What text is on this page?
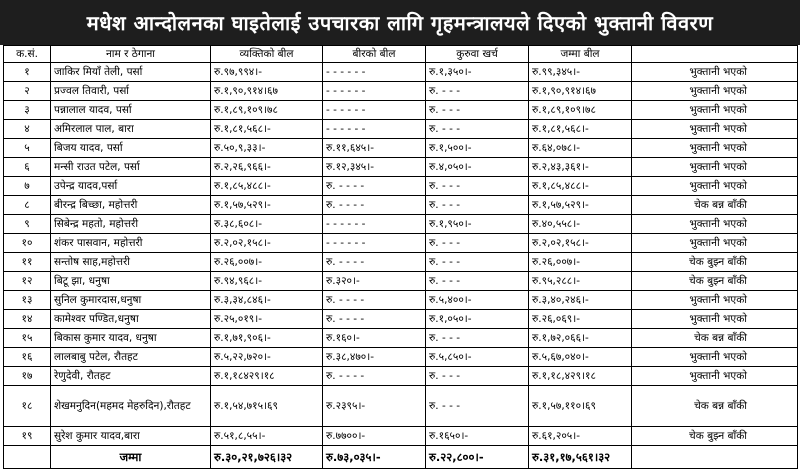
मधेश आन्दोलनका घाइतेलाई उपचारका लागि गृहमन्त्रालयले दिएको भुक्तानी विवरण
क.सं.	नाम र ठेगाना	व्यक्तिको बील	बीरको बील	कुरुवा खर्च	जम्मा बील	
१	जाकिर मियाँ तेली, पर्सा	रु.९७,९९४।-	- - - - - -	रु.१,३५०।-	रु.९९,३४५।-	भुक्तानी भएको
२	प्रज्वल तिवारी, पर्सा	रु.१,९०,९१४।६७	- - - - - -	रु. - - -	रु.१,९०,९१४।६७	भुक्तानी भएको
३	पन्नालाल यादव, पर्सा	रु.१,८९,१०९।७८	- - - - - -	रु. - - -	रु.१,८९,१०९।७८	भुक्तानी भएको
४	अमिरलाल पाल, बारा	रु.१,८१,५६८।-	- - - - - -	रु. - - -	रु.१,८१,५६८।-	भुक्तानी भएको
५	बिजय यादव, पर्सा	रु.५०,९,३३।-	रु.११,६४५।-	रु.१,५००।-	रु.६४,०७८।-	भुक्तानी भएको
६	मन्सी राउत पटेल, पर्सा	रु.२,२६,९६६।-	रु.१२,३४५।-	रु.४,०५०।-	रु.२,४३,३६१।-	भुक्तानी भएको
७	उपेन्द्र यादव,पर्सा	रु.१,८५,४८८।-	रु. - - - -	रु. - - -	रु.१,८५,४८८।-	भुक्तानी भएको
८	बीरन्द्र बिच्छा, महोत्तरी	रु.१,५७,५२९।-	रु. - - - -	रु. - - -	रु.१,५७,५२९।-	चेक बन्न बाँकी
९	सिबेन्द्र महतो, महोत्तरी	रु.३८,६०८।-	- - - - - -	रु.१,९५०।-	रु.४०,५५८।-	भुक्तानी भएको
१०	शंकर पासवान, महोत्तरी	रु.२,०२,१५८।-	- - - - - -	रु. - - -	रु.२,०२,१५८।-	भुक्तानी भएको
११	सन्तोष साह,महोत्तरी	रु.२६,००७।-	रु. - - - -	रु. - - -	रु.२६,००७।-	चेक बुझ्न बाँकी
१२	बिटू झा, धनुषा	रु.९४,९६८।-	रु.३२०।-	रु. - - -	रु.९५,२८८।-	चेक बुझ्न बाँकी
१३	सुनिल कुमारदास,धनुषा	रु.३,३४,८४६।-	रु. - - - -	रु.५,४००।-	रु.३,४०,२४६।-	भुक्तानी भएको
१४	कामेश्वर पण्डित,धनुषा	रु.२५,०१९।-	रु. - - - -	रु.१,०५०।-	रु.२६,०६९।-	भुक्तानी भएको
१५	बिकास कुमार यादव, धनुषा	रु.१,७१,९०६।-	रु.१६०।-	रु. - - -	रु.१,७२,०६६।-	चेक बन्न बाँकी
१६	लालबाबु पटेल, रौतहट	रु.५,२२,७२०।-	रु.३८,४७०।-	रु.५,८५०।-	रु.५,६७,०४०।-	भुक्तानी भएको
१७	रेणुदेवी, रौतहट	रु.१,१८४२९।१८	रु. - - - -	रु. - - -	रु.१,१८,४२९।१८	भुक्तानी भएको
१८	शेखमनुदिन(महमद मेहरुदिन),रौतहट	रु.१,५४,७१५।६९	रु.२३९५।-	रु. - - -	रु.१,५७,११०।६९	चेक बन्न बाँकी
१९	सुरेश कुमार यादव,बारा	रु.५१,८,५५।-	रु.७७००।-	रु.१६५०।-	रु.६१,२०५।-	चेक बुझ्न बाँकी
	जम्मा	रु.३०,२१,७२६।३२	रु.७३,०३५।-	रु.२२,८००।-	रु.३१,१७,५६१।३२	
